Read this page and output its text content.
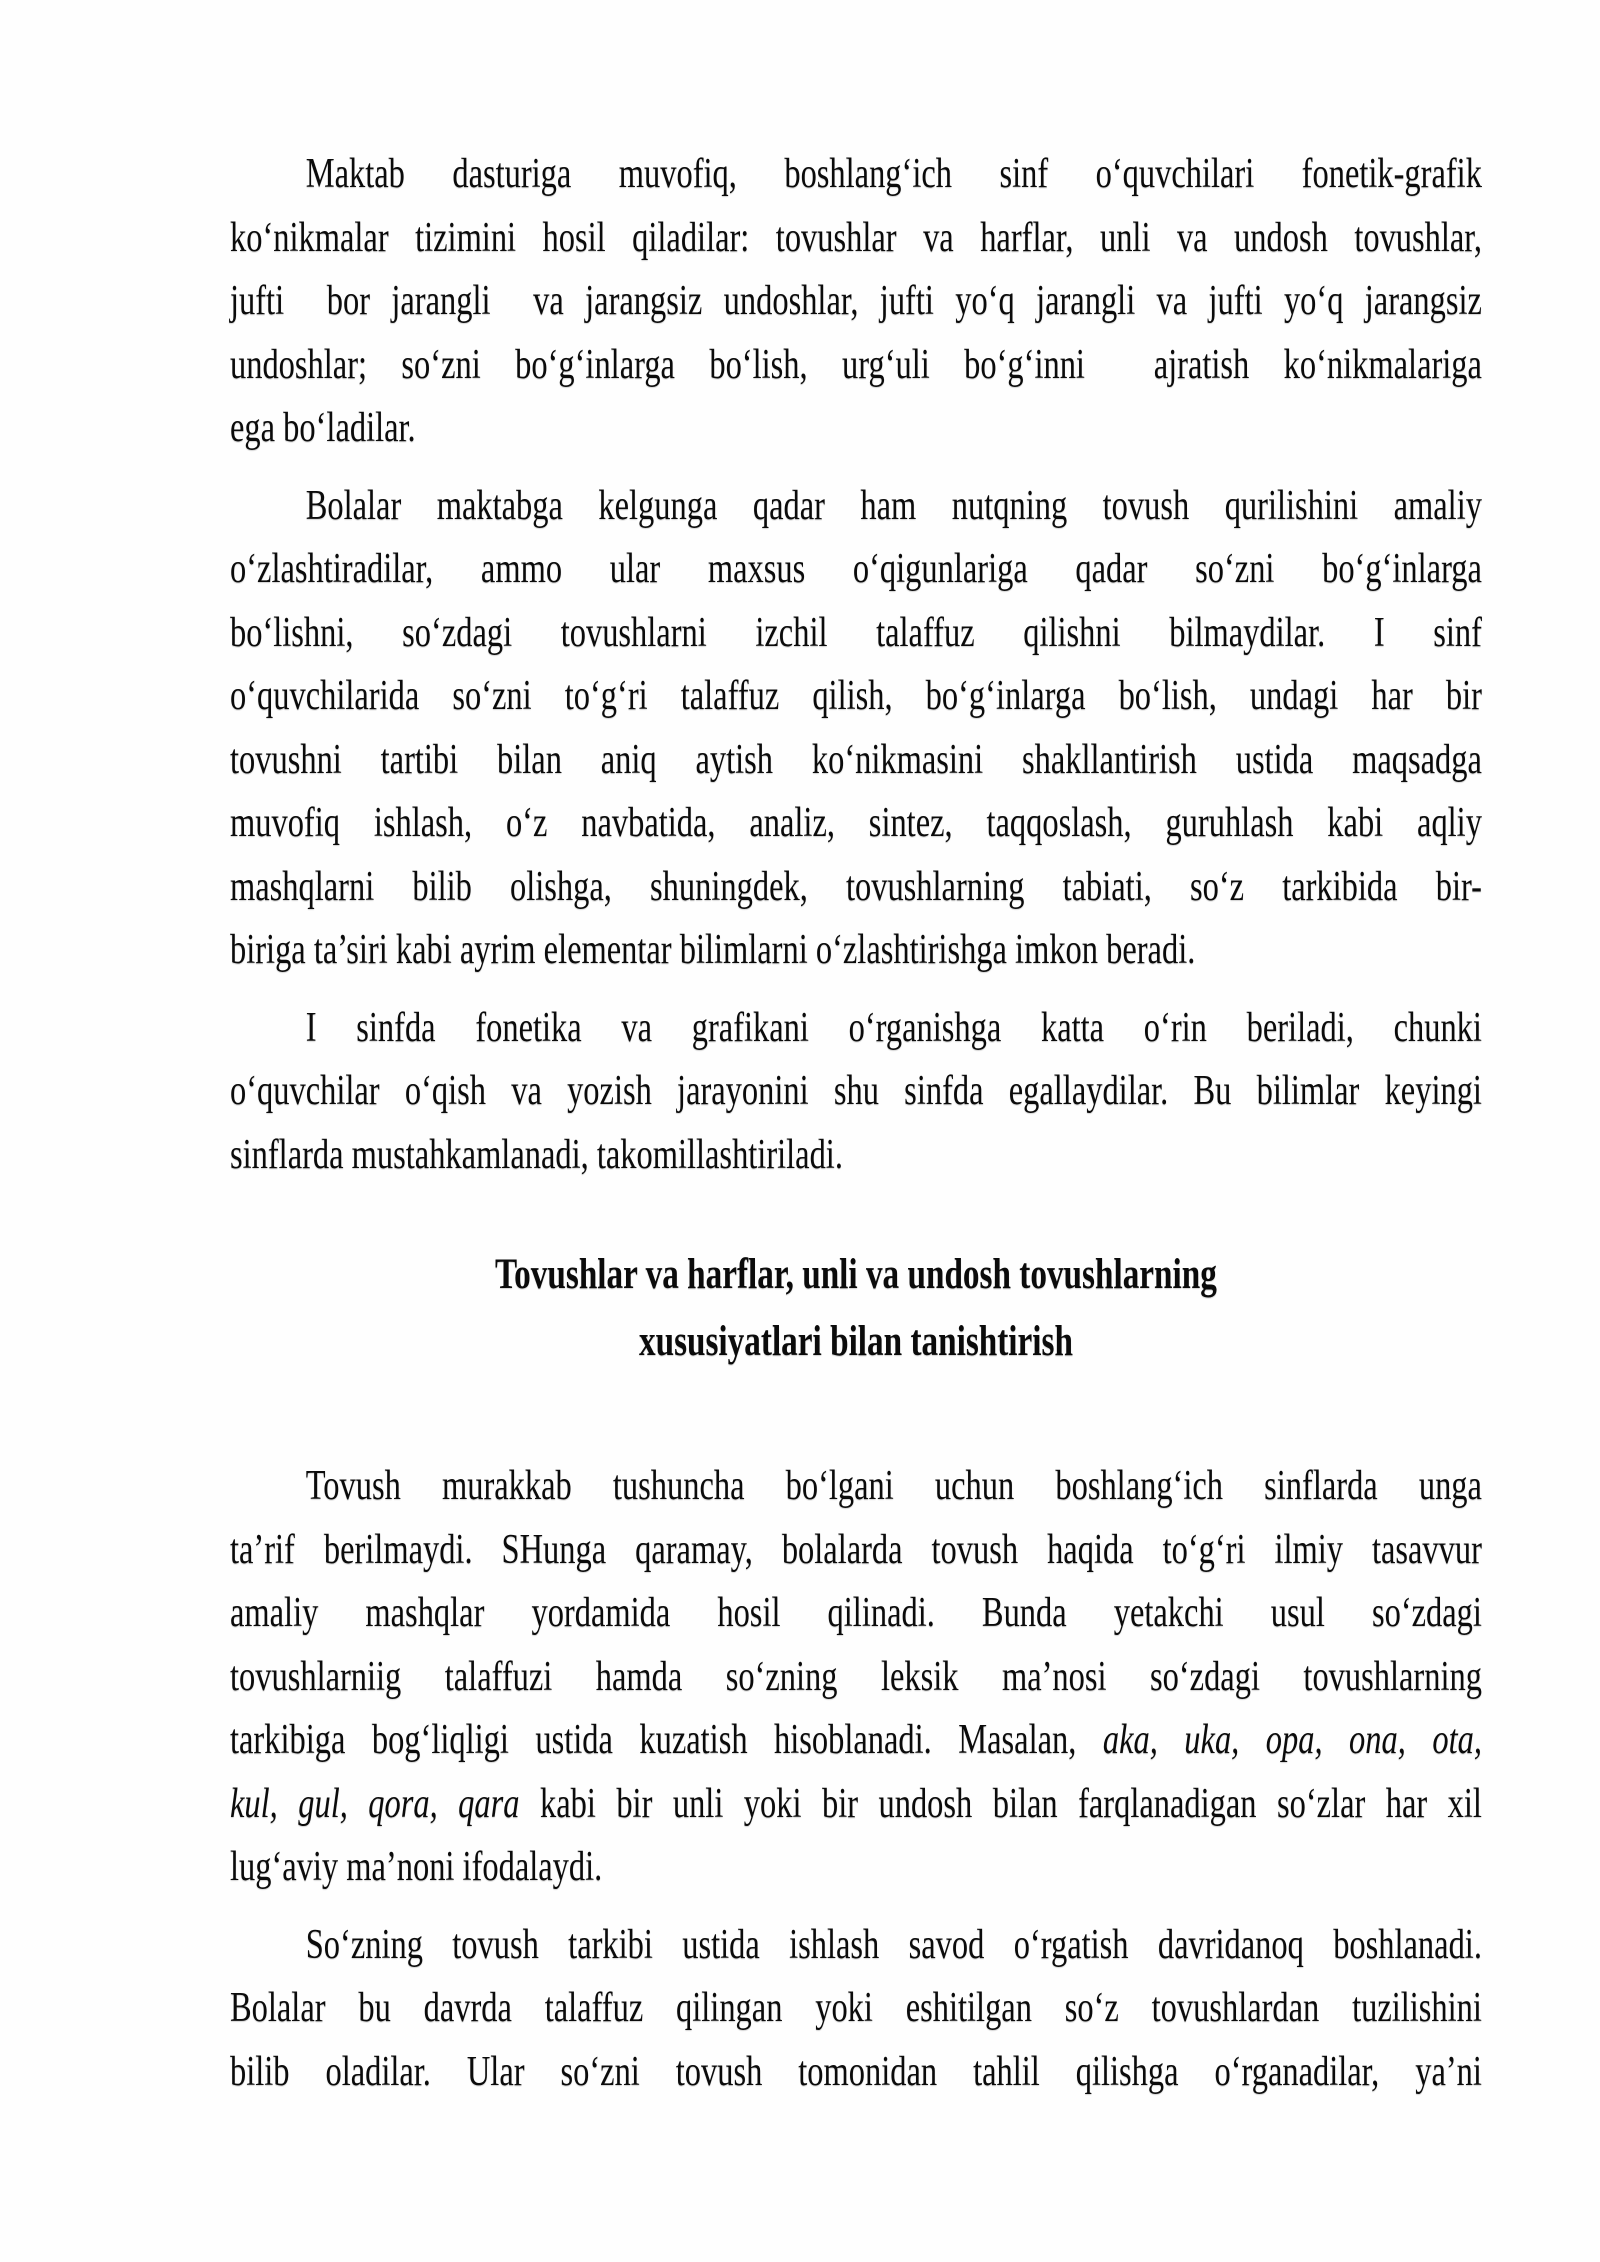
Maktab dasturiga muvofiq, boshlang‘ich sinf o‘quvchilari fonetik-grafik
ko‘nikmalar tizimini hosil qiladilar: tovushlar va harflar, unli va undosh tovushlar,
jufti  bor jarangli  va jarangsiz undoshlar, jufti yo‘q jarangli va jufti yo‘q jarangsiz
undoshlar; so‘zni bo‘g‘inlarga bo‘lish, urg‘uli bo‘g‘inni  ajratish ko‘nikmalariga
ega bo‘ladilar.
Bolalar maktabga kelgunga qadar ham nutqning tovush qurilishini amaliy
o‘zlashtiradilar, ammo ular maxsus o‘qigunlariga qadar so‘zni bo‘g‘inlarga
bo‘lishni, so‘zdagi tovushlarni izchil talaffuz qilishni bilmaydilar. I sinf
o‘quvchilarida so‘zni to‘g‘ri talaffuz qilish, bo‘g‘inlarga bo‘lish, undagi har bir
tovushni tartibi bilan aniq aytish ko‘nikmasini shakllantirish ustida maqsadga
muvofiq ishlash, o‘z navbatida, analiz, sintez, taqqoslash, guruhlash kabi aqliy
mashqlarni bilib olishga, shuningdek, tovushlarning tabiati, so‘z tarkibida bir-
biriga ta’siri kabi ayrim elementar bilimlarni o‘zlashtirishga imkon beradi.
I sinfda fonetika va grafikani o‘rganishga katta o‘rin beriladi, chunki
o‘quvchilar o‘qish va yozish jarayonini shu sinfda egallaydilar. Bu bilimlar keyingi
sinflarda mustahkamlanadi, takomillashtiriladi.
Tovushlar va harflar, unli va undosh tovushlarning
xususiyatlari bilan tanishtirish
Tovush murakkab tushuncha bo‘lgani uchun boshlang‘ich sinflarda unga
ta’rif berilmaydi. SHunga qaramay, bolalarda tovush haqida to‘g‘ri ilmiy tasavvur
amaliy mashqlar yordamida hosil qilinadi. Bunda yetakchi usul so‘zdagi
tovushlarniig talaffuzi hamda so‘zning leksik ma’nosi so‘zdagi tovushlarning
tarkibiga bog‘liqligi ustida kuzatish hisoblanadi. Masalan, aka, uka, opa, ona, ota,
kul, gul, qora, qara kabi bir unli yoki bir undosh bilan farqlanadigan so‘zlar har xil
lug‘aviy ma’noni ifodalaydi.
So‘zning tovush tarkibi ustida ishlash savod o‘rgatish davridanoq boshlanadi.
Bolalar bu davrda talaffuz qilingan yoki eshitilgan so‘z tovushlardan tuzilishini
bilib oladilar. Ular so‘zni tovush tomonidan tahlil qilishga o‘rganadilar, ya’ni
